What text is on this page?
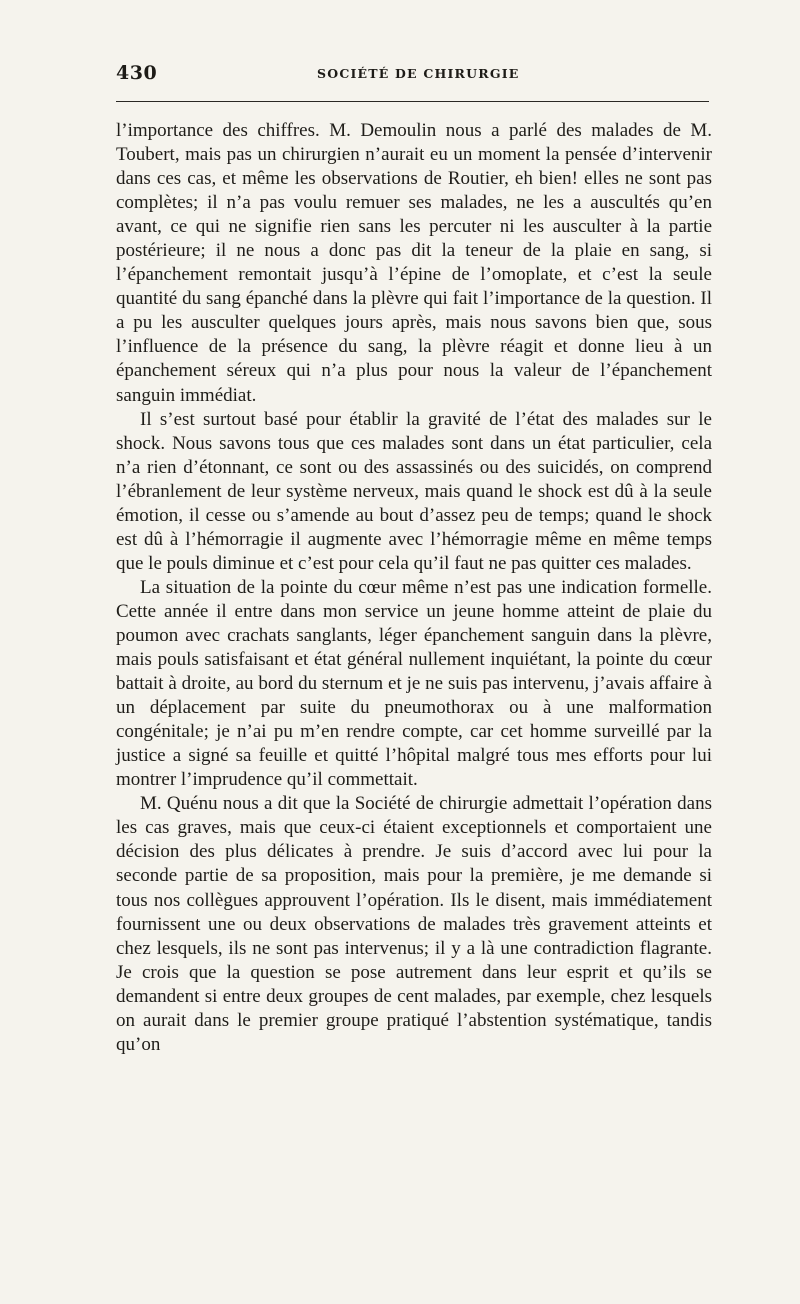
430	SOCIÉTÉ DE CHIRURGIE

l’importance des chiffres. M. Demoulin nous a parlé des malades de M. Toubert, mais pas un chirurgien n’aurait eu un moment la pensée d’intervenir dans ces cas, et même les observations de Routier, eh bien! elles ne sont pas complètes; il n’a pas voulu remuer ses malades, ne les a auscultés qu’en avant, ce qui ne signifie rien sans les percuter ni les ausculter à la partie postérieure; il ne nous a donc pas dit la teneur de la plaie en sang, si l’épanchement remontait jusqu’à l’épine de l’omoplate, et c’est la seule quantité du sang épanché dans la plèvre qui fait l’importance de la question. Il a pu les ausculter quelques jours après, mais nous savons bien que, sous l’influence de la présence du sang, la plèvre réagit et donne lieu à un épanchement séreux qui n’a plus pour nous la valeur de l’épanchement sanguin immédiat.

Il s’est surtout basé pour établir la gravité de l’état des malades sur le shock. Nous savons tous que ces malades sont dans un état particulier, cela n’a rien d’étonnant, ce sont ou des assassinés ou des suicidés, on comprend l’ébranlement de leur système nerveux, mais quand le shock est dû à la seule émotion, il cesse ou s’amende au bout d’assez peu de temps; quand le shock est dû à l’hémorragie il augmente avec l’hémorragie même en même temps que le pouls diminue et c’est pour cela qu’il faut ne pas quitter ces malades.

La situation de la pointe du cœur même n’est pas une indication formelle. Cette année il entre dans mon service un jeune homme atteint de plaie du poumon avec crachats sanglants, léger épanchement sanguin dans la plèvre, mais pouls satisfaisant et état général nullement inquiétant, la pointe du cœur battait à droite, au bord du sternum et je ne suis pas intervenu, j’avais affaire à un déplacement par suite du pneumothorax ou à une malformation congénitale; je n’ai pu m’en rendre compte, car cet homme surveillé par la justice a signé sa feuille et quitté l’hôpital malgré tous mes efforts pour lui montrer l’imprudence qu’il commettait.

M. Quénu nous a dit que la Société de chirurgie admettait l’opération dans les cas graves, mais que ceux-ci étaient exceptionnels et comportaient une décision des plus délicates à prendre. Je suis d’accord avec lui pour la seconde partie de sa proposition, mais pour la première, je me demande si tous nos collègues approuvent l’opération. Ils le disent, mais immédiatement fournissent une ou deux observations de malades très gravement atteints et chez lesquels, ils ne sont pas intervenus; il y a là une contradiction flagrante. Je crois que la question se pose autrement dans leur esprit et qu’ils se demandent si entre deux groupes de cent malades, par exemple, chez lesquels on aurait dans le premier groupe pratiqué l’abstention systématique, tandis qu’on
